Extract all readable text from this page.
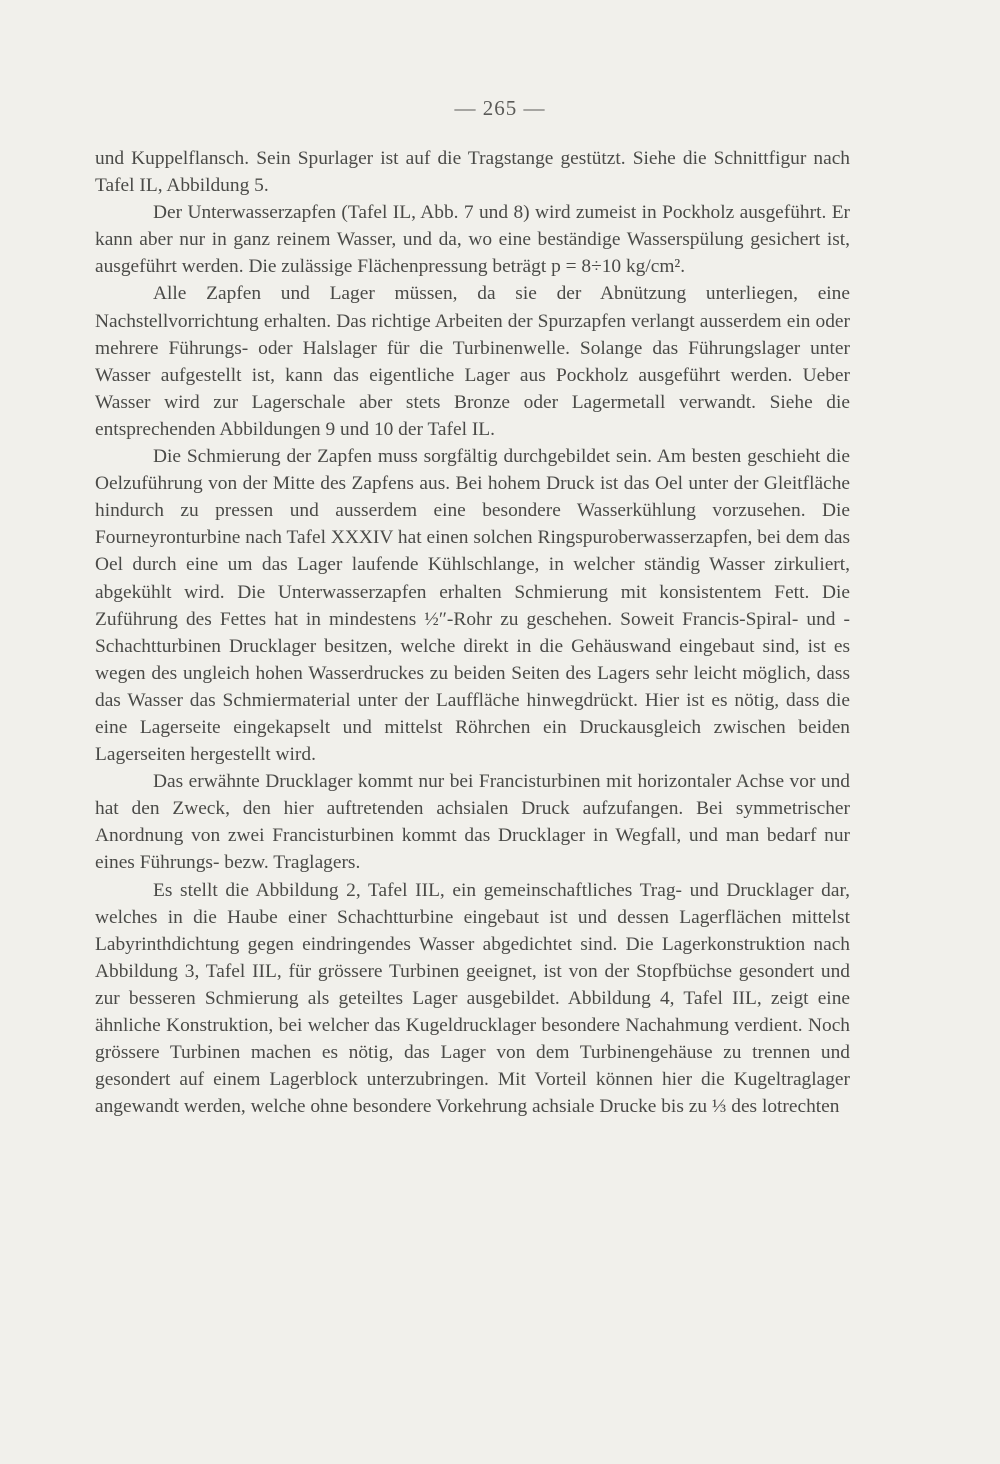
— 265 —

und Kuppelflansch. Sein Spurlager ist auf die Tragstange gestützt. Siehe die Schnittfigur nach Tafel IL, Abbildung 5.

Der Unterwasserzapfen (Tafel IL, Abb. 7 und 8) wird zumeist in Pockholz ausgeführt. Er kann aber nur in ganz reinem Wasser, und da, wo eine beständige Wasserspülung gesichert ist, ausgeführt werden. Die zulässige Flächenpressung beträgt p = 8÷10 kg/cm².

Alle Zapfen und Lager müssen, da sie der Abnützung unterliegen, eine Nachstellvorrichtung erhalten. Das richtige Arbeiten der Spurzapfen verlangt ausserdem ein oder mehrere Führungs- oder Halslager für die Turbinenwelle. Solange das Führungslager unter Wasser aufgestellt ist, kann das eigentliche Lager aus Pockholz ausgeführt werden. Ueber Wasser wird zur Lagerschale aber stets Bronze oder Lagermetall verwandt. Siehe die entsprechenden Abbildungen 9 und 10 der Tafel IL.

Die Schmierung der Zapfen muss sorgfältig durchgebildet sein. Am besten geschieht die Oelzuführung von der Mitte des Zapfens aus. Bei hohem Druck ist das Oel unter der Gleitfläche hindurch zu pressen und ausserdem eine besondere Wasserkühlung vorzusehen. Die Fourneyronturbine nach Tafel XXXIV hat einen solchen Ringspuroberwasserzapfen, bei dem das Oel durch eine um das Lager laufende Kühlschlange, in welcher ständig Wasser zirkuliert, abgekühlt wird. Die Unterwasserzapfen erhalten Schmierung mit konsistentem Fett. Die Zuführung des Fettes hat in mindestens ½″-Rohr zu geschehen. Soweit Francis-Spiral- und -Schachtturbinen Drucklager besitzen, welche direkt in die Gehäuswand eingebaut sind, ist es wegen des ungleich hohen Wasserdruckes zu beiden Seiten des Lagers sehr leicht möglich, dass das Wasser das Schmiermaterial unter der Lauffläche hinwegdrückt. Hier ist es nötig, dass die eine Lagerseite eingekapselt und mittelst Röhrchen ein Druckausgleich zwischen beiden Lagerseiten hergestellt wird.

Das erwähnte Drucklager kommt nur bei Francisturbinen mit horizontaler Achse vor und hat den Zweck, den hier auftretenden achsialen Druck aufzufangen. Bei symmetrischer Anordnung von zwei Francisturbinen kommt das Drucklager in Wegfall, und man bedarf nur eines Führungs- bezw. Traglagers.

Es stellt die Abbildung 2, Tafel IIL, ein gemeinschaftliches Trag- und Drucklager dar, welches in die Haube einer Schachtturbine eingebaut ist und dessen Lagerflächen mittelst Labyrinthdichtung gegen eindringendes Wasser abgedichtet sind. Die Lagerkonstruktion nach Abbildung 3, Tafel IIL, für grössere Turbinen geeignet, ist von der Stopfbüchse gesondert und zur besseren Schmierung als geteiltes Lager ausgebildet. Abbildung 4, Tafel IIL, zeigt eine ähnliche Konstruktion, bei welcher das Kugeldrucklager besondere Nachahmung verdient. Noch grössere Turbinen machen es nötig, das Lager von dem Turbinengehäuse zu trennen und gesondert auf einem Lagerblock unterzubringen. Mit Vorteil können hier die Kugeltraglager angewandt werden, welche ohne besondere Vorkehrung achsiale Drucke bis zu ⅓ des lotrechten
